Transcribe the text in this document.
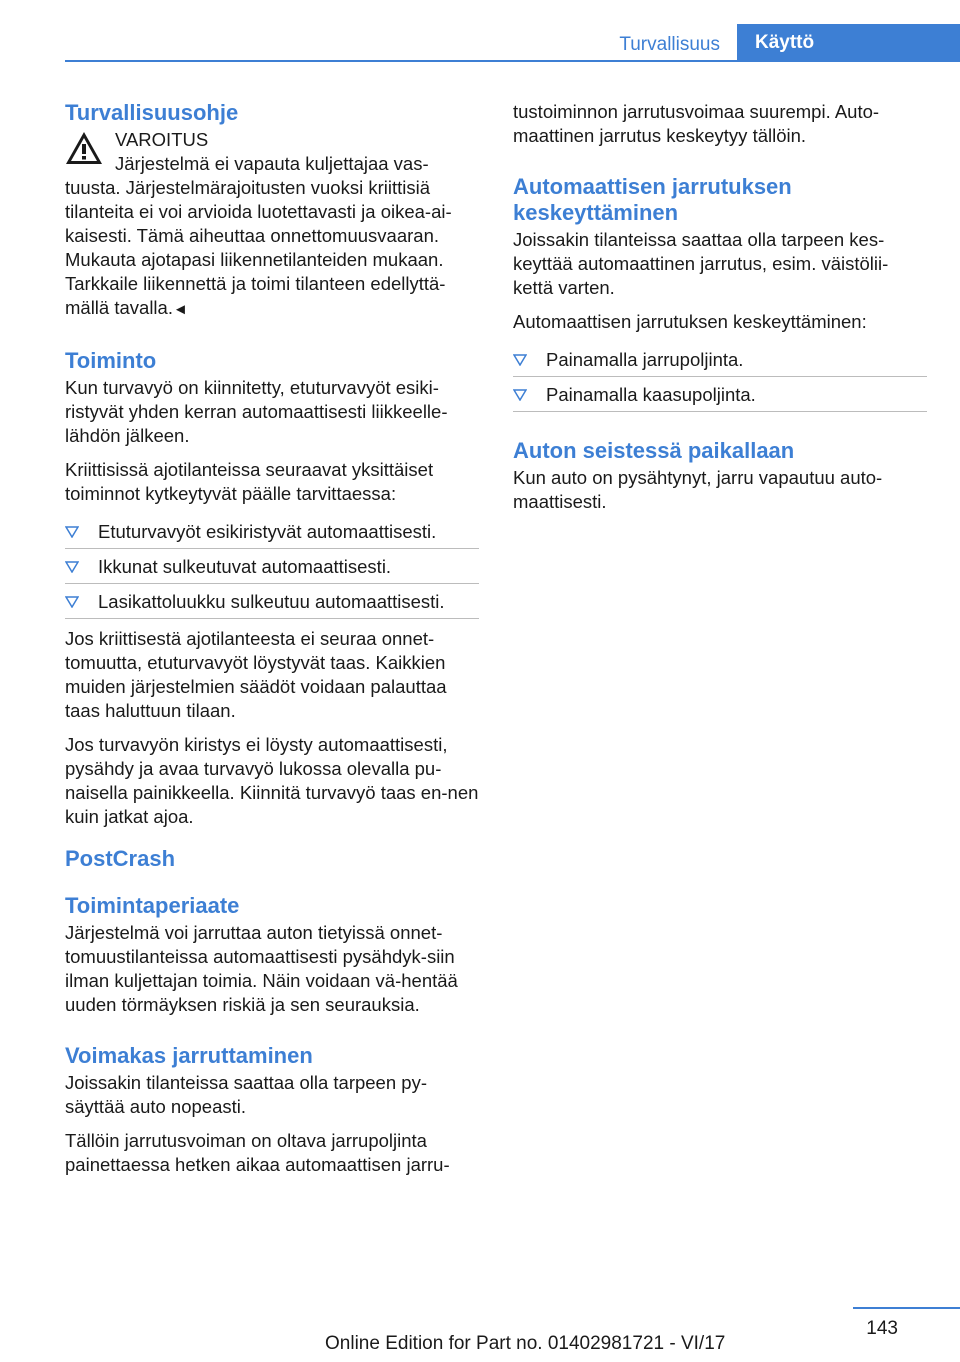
Turvallisuus	Käyttö
Turvallisuusohje
VAROITUS
Järjestelmä ei vapauta kuljettajaa vas-

tuusta. Järjestelmärajoitusten vuoksi kriittisiä tilanteita ei voi arvioida luotettavasti ja oikea-ai-kaisesti. Tämä aiheuttaa onnettomuusvaaran. Mukauta ajotapasi liikennetilanteiden mukaan. Tarkkaile liikennettä ja toimi tilanteen edellyttä-mällä tavalla.◄

Toiminto

Kun turvavyö on kiinnitetty, etuturvavyöt esiki-ristyvät yhden kerran automaattisesti liikkeelle-lähdön jälkeen.

Kriittisissä ajotilanteissa seuraavat yksittäiset toiminnot kytkeytyvät päälle tarvittaessa:

Etuturvavyöt esikiristyvät automaattisesti.
Ikkunat sulkeutuvat automaattisesti.
Lasikattoluukku sulkeutuu automaattisesti.

Jos kriittisestä ajotilanteesta ei seuraa onnet-tomuutta, etuturvavyöt löystyvät taas. Kaikkien muiden järjestelmien säädöt voidaan palauttaa taas haluttuun tilaan.

Jos turvavyön kiristys ei löysty automaattisesti, pysähdy ja avaa turvavyö lukossa olevalla pu-naisella painikkeella. Kiinnitä turvavyö taas en-nen kuin jatkat ajoa.

PostCrash
Toimintaperiaate

Järjestelmä voi jarruttaa auton tietyissä onnet-tomuustilanteissa automaattisesti pysähdyk-siin ilman kuljettajan toimia. Näin voidaan vä-hentää uuden törmäyksen riskiä ja sen seurauksia.

Voimakas jarruttaminen

Joissakin tilanteissa saattaa olla tarpeen py-säyttää auto nopeasti.

Tällöin jarrutusvoiman on oltava jarrupoljinta painettaessa hetken aikaa automaattisen jarru-

tustoiminnon jarrutusvoimaa suurempi. Auto-maattinen jarrutus keskeytyy tällöin.

Automaattisen jarrutuksen keskeyttäminen

Joissakin tilanteissa saattaa olla tarpeen kes-keyttää automaattinen jarrutus, esim. väistölii-kettä varten.

Automaattisen jarrutuksen keskeyttäminen:

Painamalla jarrupoljinta.
Painamalla kaasupoljinta.
Auton seistessä paikallaan

Kun auto on pysähtynyt, jarru vapautuu auto-maattisesti.

143
Online Edition for Part no. 01402981721 - VI/17
